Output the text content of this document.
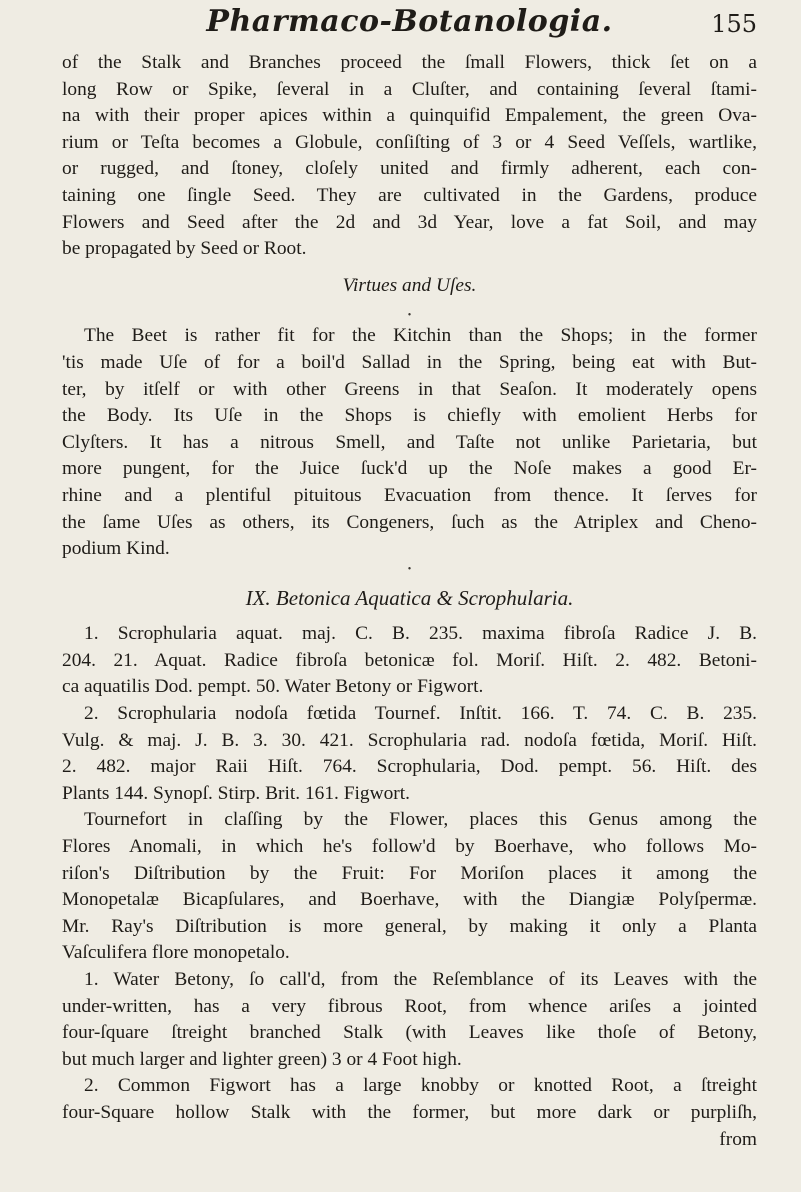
Pharmaco-Botanologia.	155
of the Stalk and Branches proceed the ſmall Flowers, thick ſet on a
long Row or Spike, ſeveral in a Cluſter, and containing ſeveral ſtami-
na with their proper apices within a quinquifid Empalement, the green Ova-
rium or Teſta becomes a Globule, conſiſting of 3 or 4 Seed Veſſels, wartlike,
or rugged, and ſtoney, cloſely united and firmly adherent, each con-
taining one ſingle Seed. They are cultivated in the Gardens, produce
Flowers and Seed after the 2d and 3d Year, love a fat Soil, and may
be propagated by Seed or Root.
Virtues and Uſes.
•
The Beet is rather fit for the Kitchin than the Shops; in the former
'tis made Uſe of for a boil'd Sallad in the Spring, being eat with But-
ter, by itſelf or with other Greens in that Seaſon. It moderately opens
the Body. Its Uſe in the Shops is chiefly with emolient Herbs for
Clyſters. It has a nitrous Smell, and Taſte not unlike Parietaria, but
more pungent, for the Juice ſuck'd up the Noſe makes a good Er-
rhine and a plentiful pituitous Evacuation from thence. It ſerves for
the ſame Uſes as others, its Congeners, ſuch as the Atriplex and Cheno-
podium Kind.
•
IX. Betonica Aquatica & Scrophularia.
1. Scrophularia aquat. maj. C. B. 235. maxima fibroſa Radice J. B.
204. 21. Aquat. Radice fibroſa betonicæ fol. Moriſ. Hiſt. 2. 482. Betoni-
ca aquatilis Dod. pempt. 50. Water Betony or Figwort.
2. Scrophularia nodoſa fœtida Tournef. Inſtit. 166. T. 74. C. B. 235.
Vulg. & maj. J. B. 3. 30. 421. Scrophularia rad. nodoſa fœtida, Moriſ. Hiſt.
2. 482. major Raii Hiſt. 764. Scrophularia, Dod. pempt. 56. Hiſt. des
Plants 144. Synopſ. Stirp. Brit. 161. Figwort.
Tournefort in claſſing by the Flower, places this Genus among the
Flores Anomali, in which he's follow'd by Boerhave, who follows Mo-
riſon's Diſtribution by the Fruit: For Moriſon places it among the
Monopetalæ Bicapſulares, and Boerhave, with the Diangiæ Polyſpermæ.
Mr. Ray's Diſtribution is more general, by making it only a Planta
Vaſculifera flore monopetalo.
1. Water Betony, ſo call'd, from the Reſemblance of its Leaves with the
under-written, has a very fibrous Root, from whence ariſes a jointed
four-ſquare ſtreight branched Stalk (with Leaves like thoſe of Betony,
but much larger and lighter green) 3 or 4 Foot high.
2. Common Figwort has a large knobby or knotted Root, a ſtreight
four-Square hollow Stalk with the former, but more dark or purpliſh,
from
